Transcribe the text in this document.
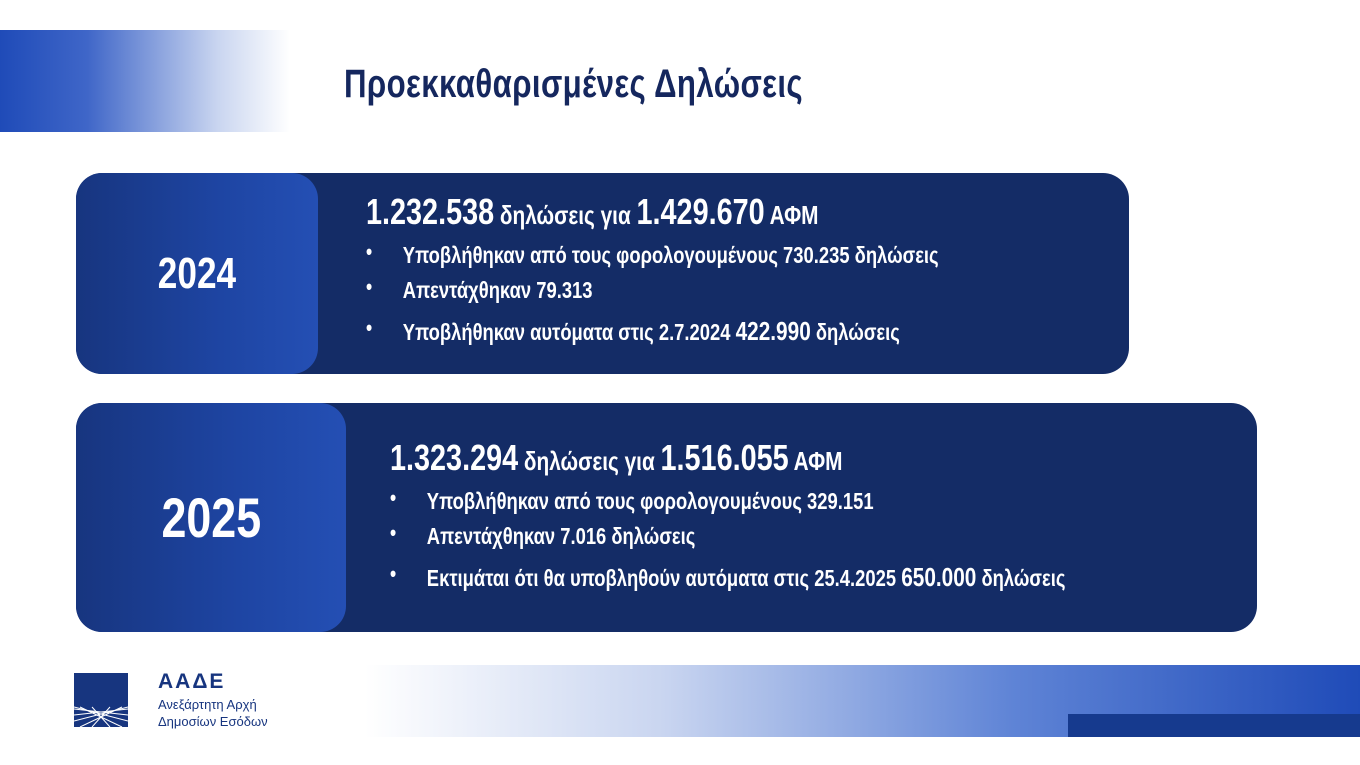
Προεκκαθαρισμένες Δηλώσεις
2024
1.232.538 δηλώσεις για 1.429.670 ΑΦΜ
• Υποβλήθηκαν από τους φορολογουμένους 730.235 δηλώσεις
• Απεντάχθηκαν 79.313
• Υποβλήθηκαν αυτόματα στις 2.7.2024 422.990 δηλώσεις
2025
1.323.294 δηλώσεις για 1.516.055 ΑΦΜ
• Υποβλήθηκαν από τους φορολογουμένους 329.151
• Απεντάχθηκαν 7.016 δηλώσεις
• Εκτιμάται ότι θα υποβληθούν αυτόματα στις 25.4.2025 650.000 δηλώσεις
ΑΑΔΕ
Ανεξάρτητη Αρχή
Δημοσίων Εσόδων
